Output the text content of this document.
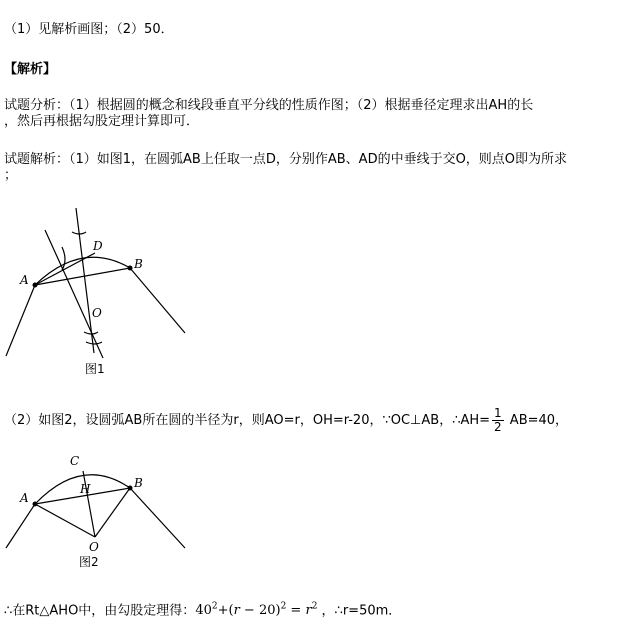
（1）见解析画图；（2）50．
【解析】
试题分析：（1）根据圆的概念和线段垂直平分线的性质作图；（2）根据垂径定理求出AH的长
，然后再根据勾股定理计算即可．
试题解析：（1）如图1，在圆弧AB上任取一点D，分别作AB、AD的中垂线于交O，则点O即为所求
；
A
B
D
O
图1
（2）如图2，设圆弧AB所在圆的半径为r，则AO=r，OH=r-20，∵OC⊥AB，∴AH= $\frac{1}{2} AB=40$，
A
B
C
H
O
图2
∴在Rt△AHO中，由勾股定理得：$40^2+(r - 20)^2 = r^2$ ，∴r=50m．
